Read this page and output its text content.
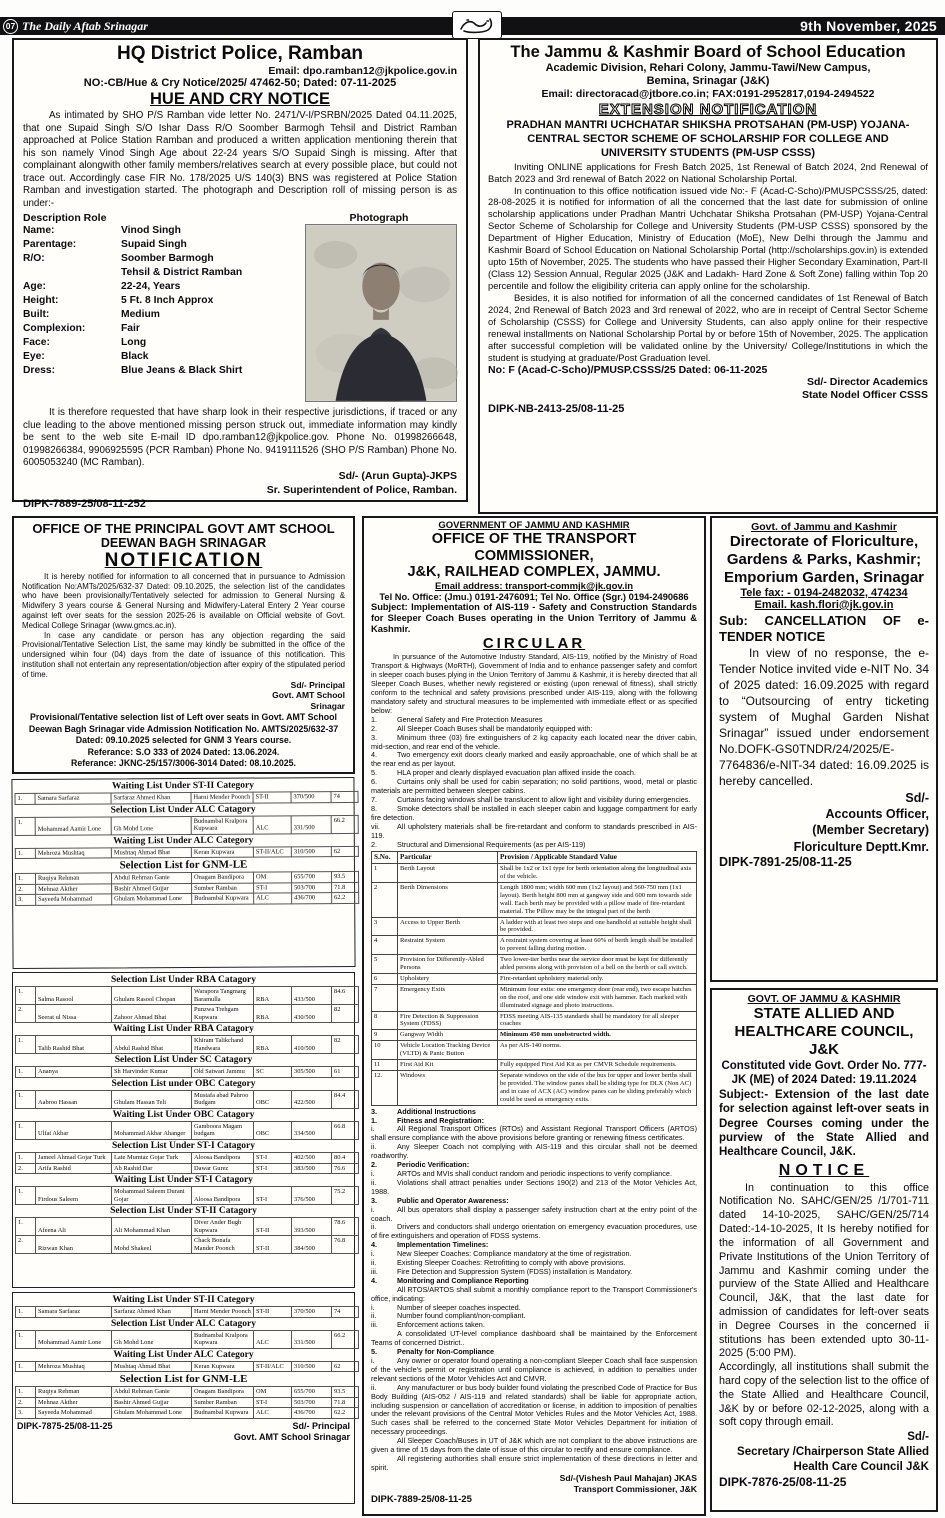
07 The Daily Aftab Srinagar	9th November, 2025
HQ District Police, Ramban
Email: dpo.ramban12@jkpolice.gov.in
NO:-CB/Hue & Cry Notice/2025/ 47462-50; Dated: 07-11-2025
HUE AND CRY NOTICE
As intimated by SHO P/S Ramban vide letter No. 2471/V-I/PSRBN/2025 Dated 04.11.2025, that one Supaid Singh S/O Ishar Dass R/O Soomber Barmogh Tehsil and District Ramban approached at Police Station Ramban and produced a written application mentioning therein that his son namely Vinod Singh Age about 22-24 years S/O Supaid Singh is missing. After that complainant alongwith other family members/relatives search at every possible place, but could not trace out. Accordingly case FIR No. 178/2025 U/S 140(3) BNS was registered at Police Station Ramban and investigation started. The photograph and Description roll of missing person is as under:-
Description Role
Name:	Vinod Singh
Parentage:	Supaid Singh
R/O:	Soomber Barmogh
Tehsil & District Ramban
Age:	22-24, Years
Height:	5 Ft. 8 Inch Approx
Built:	Medium
Complexion:	Fair
Face:	Long
Eye:	Black
Dress:	Blue Jeans & Black Shirt
Photograph
It is therefore requested that have sharp look in their respective jurisdictions, if traced or any clue leading to the above mentioned missing person struck out, immediate information may kindly be sent to the web site E-mail ID dpo.ramban12@jkpolice.gov. Phone No. 01998266648, 01998266384, 9906925595 (PCR Ramban) Phone No. 9419111526 (SHO P/S Ramban) Phone No. 6005053240 (MC Ramban).
Sd/- (Arun Gupta)-JKPS
Sr. Superintendent of Police, Ramban.
DIPK-7889-25/08-11-252
The Jammu & Kashmir Board of School Education
Academic Division, Rehari Colony, Jammu-Tawi/New Campus,
Bemina, Srinagar (J&K)
Email: directoracad@jtbore.co.in; FAX:0191-2952817,0194-2494522
EXTENSION NOTIFICATION
PRADHAN MANTRI UCHCHATAR SHIKSHA PROTSAHAN (PM-USP) YOJANA-
CENTRAL SECTOR SCHEME OF SCHOLARSHIP FOR COLLEGE AND
UNIVERSITY STUDENTS (PM-USP CSSS)
Inviting ONLINE applications for Fresh Batch 2025, 1st Renewal of Batch 2024, 2nd Renewal of Batch 2023 and 3rd renewal of Batch 2022 on National Scholarship Portal.
In continuation to this office notification issued vide No:- F (Acad-C-Scho)/PMUSPCSSS/25, dated: 28-08-2025 it is notified for information of all the concerned that the last date for submission of online scholarship applications under Pradhan Mantri Uchchatar Shiksha Protsahan (PM-USP) Yojana-Central Sector Scheme of Scholarship for College and University Students (PM-USP CSSS) sponsored by the Department of Higher Education, Ministry of Education (MoE), New Delhi through the Jammu and Kashmir Board of School Education on National Scholarship Portal (http://scholarships.gov.in) is extended upto 15th of November, 2025. The students who have passed their Higher Secondary Examination, Part-II (Class 12) Session Annual, Regular 2025 (J&K and Ladakh- Hard Zone & Soft Zone) falling within Top 20 percentile and follow the eligibility criteria can apply online for the scholarship.
Besides, it is also notified for information of all the concerned candidates of 1st Renewal of Batch 2024, 2nd Renewal of Batch 2023 and 3rd renewal of 2022, who are in receipt of Central Sector Scheme of Scholarship (CSSS) for College and University Students, can also apply online for their respective renewal installments on National Scholarship Portal by or before 15th of November, 2025. The application after successful completion will be validated online by the University/ College/Institutions in which the student is studying at graduate/Post Graduation level.
No: F (Acad-C-Scho)/PMUSP.CSSS/25 Dated: 06-11-2025
Sd/- Director Academics
State Nodel Officer CSSS
DIPK-NB-2413-25/08-11-25
OFFICE OF THE PRINCIPAL GOVT AMT SCHOOL
DEEWAN BAGH SRINAGAR
NOTIFICATION
It is hereby notified for information to all concerned that in pursuance to Admission Notification No:AMTs/2025/632-37 Dated: 09.10.2025, the selection list of the candidates who have been provisionally/Tentatively selected for admission to General Nursing & Midwifery 3 years course & General Nursing and Midwifery-Lateral Entery 2 Year course against left over seats for the session 2025-26 is available on Official website of Govt. Medical College Srinagar (www.gmcs.ac.in).
In case any candidate or person has any objection regarding the said Provisional/Tentative Selection List, the same may kindly be submitted in the office of the undersigned wihin four (04) days from the date of issuance of this notification. This institution shall not entertain any representation/objection after expiry of the stipulated period of time.
Sd/- Principal
Govt. AMT School
Srinagar
Provisional/Tentative selection list of Left over seats in Govt. AMT School Deewan Bagh Srinagar vide Admission Notification No. AMTS/2025/632-37 Dated: 09.10.2025 selected for GNM 3 Years course.
Referance: S.O 333 of 2024 Dated: 13.06.2024.
Referance: JKNC-25/157/3006-3014 Dated: 08.10.2025.
Waiting List Under ST-II Category
1.	Samara Sarfaraz	Sarfaraz Ahmed Khan	Harni Mender Poonch	ST-II	370/500	74
Selection List Under ALC Catagory
1.	Mohammad Aamir Lone	Gh Mohd Lone	Budnambal Kralpora Kupwara	ALC	331/500	66.2
Waiting List Under ALC Category
1.	Mehroza Mushtaq	Mushtaq Ahmad Bhat	Keran Kupwara	ST-II/ALC	310/500	62
Selection List for GNM-LE
1.	Ruqiya Rehman	Abdul Rehman Ganie	Onagam Bandipora	OM	655/700	93.5
2.	Mehnaz Akther	Bashir Ahmed Gujjar	Sumber Ramban	ST-I	503/700	71.8
3.	Sayeeda Mohammad	Ghulam Mohammad Lone	Budnambal Kupwara	ALC	436/700	62.2
Selection List Under RBA Catagory
1.	Salma Rasool	Ghulam Rasool Chopan	Warapora Tangmarg Baramulla	RBA	433/500	84.6
2.	Seerat ul Nissa	Zahoor Ahmad Bhat	Punzwa Trehgam Kupwara	RBA	430/500	82
Waiting List Under RBA Catagory
1.	Talib Rashid Bhat	Abdul Rashid Bhat	Khiram Talikchand Handwara	RBA	410/500	82
Selection List Under SC Catagory
1.	Ananya	Sh Harvinder Kumar	Old Satwari Jammu	SC	305/500	61
Selection List under OBC Category
1.	Aabroo Hassan	Ghulam Hassan Teli	Mustafa abad Pahroo Budgam	OBC	422/500	84.4
Waiting List Under OBC Catagory
1.	Ulfat Akbar	Mohammad Akbar Ahanger	Gamboora Magam budgam	OBC	334/500	66.8
Selection List Under ST-I Catagory
1.	Jameel Ahmad Gojar Turk	Late Mumtaz Gojar Turk	Aloosa Bandipora	ST-I	402/500	80.4
2.	Arifa Rashid	Ab Rashid Dar	Dawar Gurez	ST-I	383/500	76.6
Waiting List Under ST-I Catagory
1.	Firdous Saleem	Mohammad Saleem Durani Gojar	Aloosa Bandipora	ST-I	376/500	75.2
Selection List Under ST-II Catagory
1.	Afeena Ali	Ali Mohammad Khan	Diver Ander Bugh Kupwara	ST-II	393/500	78.6
2.	Rizwan Khan	Mohd Shakeel	Chack Bonafa Mander Poonch	ST-II	384/500	76.8
Waiting List Under ST-II Category
1.	Samara Sarfaraz	Sarfaraz Ahmed Khan	Harni Mender Poonch	ST-II	370/500	74
Selection List Under ALC Catagory
1.	Mohammad Aamir Lone	Gh Mohd Lone	Budnambal Kralpora Kupwara	ALC	331/500	66.2
Waiting List Under ALC Category
1.	Mehroza Mushtaq	Mushtaq Ahmad Bhat	Keran Kupwara	ST-II/ALC	310/500	62
Selection List for GNM-LE
1.	Ruqiya Rehman	Abdul Rehman Ganie	Onagam Bandipora	OM	655/700	93.5
2.	Mehnaz Akther	Bashir Ahmed Gujjar	Sumber Ramban	ST-I	503/700	71.8
3.	Sayeeda Mohammad	Ghulam Mohammad Lone	Budnambal Kupwara	ALC	436/700	62.2
DIPK-7875-25/08-11-25	Sd/- Principal
Govt. AMT School Srinagar
GOVERNMENT OF JAMMU AND KASHMIR
OFFICE OF THE TRANSPORT COMMISSIONER,
J&K, RAILHEAD COMPLEX, JAMMU.
Email address: transport-commjk@jk.gov.in
Tel No. Office: (Jmu.) 0191-2476091; Tel No. Office (Sgr.) 0194-2490686
Subject: Implementation of AIS-119 - Safety and Construction Standards for Sleeper Coach Buses operating in the Union Territory of Jammu & Kashmir.
CIRCULAR
In pursuance of the Automotive Industry Standard, AIS-119, notified by the Ministry of Road Transport & Highways (MoRTH), Government of India and to enhance passenger safety and comfort in sleeper coach buses plying in the Union Territory of Jammu & Kashmir, it is hereby directed that all Sleeper Coach Buses, whether newly registered or existing (upon renewal of fitness), shall strictly conform to the technical and safety provisions prescribed under AIS-119, along with the following mandatory safety and structural measures to be implemented with immediate effect or as specified below:
1.	General Safety and Fire Protection Measures
2.	All Sleeper Coach Buses shall be mandatorily equipped with:
3.	Minimum three (03) fire extinguishers of 2 kg capacity each located near the driver cabin, mid-section, and rear end of the vehicle.
4.	Two emergency exit doors clearly marked and easily approachable, one of which shall be at the rear end as per layout.
5.	HLA proper and clearly displayed evacuation plan affixed inside the coach.
6.	Curtains only shall be used for cabin separation; no solid partitions, wood, metal or plastic materials are permitted between sleeper cabins.
7.	Curtains facing windows shall be translucent to allow light and visibility during emergencies.
8.	Smoke detectors shall be installed in each sleeper cabin and luggage compartment for early fire detection.
vii. All upholstery materials shall be fire-retardant and conform to standards prescribed in AIS-119.
2.	Structural and Dimensional Requirements (as per AIS-119)
S.No.	Particular	Provision / Applicable Standard Value
1	Berth Layout	Shall be 1x2 or 1x1 type for berth orientation along the longitudinal axis of the vehicle.
2	Berth Dimensions	Length 1800 mm; width 600 mm (1x2 layout) and 560-750 mm (1x1 layout). Berth height 800 mm at gangway side and 600 mm towards side wall. Each berth may be provided with a pillow made of fire-retardant material. The Pillow may be the integral part of the berth
3	Access to Upper Berth	A ladder with at least two steps and one handhold at suitable height shall be provided.
4	Restraint System	A restraint system covering at least 60% of berth length shall be installed to prevent falling during motion.
5	Provision for Differently-Abled Persons	Two lower-tier berths near the service door must be kept for differently abled persons along with provision of a bell on the berth or call switch.
6	Upholstery	Fire-retardant upholstery material only.
7	Emergency Exits	Minimum four exits: one emergency door (rear end), two escape hatches on the roof, and one side window exit with hammer. Each marked with illuminated signage and photo instructions.
8	Fire Detection & Suppression System (FDSS)	FDSS meeting AIS-135 standards shall be mandatory for all sleeper coaches
9	Gangway Width	Minimum 450 mm unobstructed width.
10	Vehicle Location Tracking Device (VLTD) & Panic Button	As per AIS-140 norms.
11	First Aid Kit	Fully equipped First Aid Kit as per CMVR Schedule requirements.
12.	Windows	Separate windows on the side of the bus for upper and lower berths shall be provided. The window panes shall be sliding type for DLX (Non AC) and in case of ACX (AC) window panes can be sliding preferably which could be used as emergency exits.
3.	Additional Instructions
1.	Fitness and Registration:
i.	All Regional Transport Offices (RTOs) and Assistant Regional Transport Officers (ARTOS) shall ensure compliance with the above provisions before granting or renewing fitness certificates.
ii.	Any Sleeper Coach not complying with AIS-119 and this circular shall not be deemed roadworthy.
2.	Periodic Verification:
i.	ARTOs and MVIs shall conduct random and periodic inspections to verify compliance.
ii.	Violations shall attract penalties under Sections 190(2) and 213 of the Motor Vehicles Act, 1988.
3.	Public and Operator Awareness:
i.	All bus operators shall display a passenger safety instruction chart at the entry point of the coach.
ii.	Drivers and conductors shall undergo orientation on emergency evacuation procedures, use of fire extinguishers and operation of FDSS systems.
4.	Implementation Timelines:
i.	New Sleeper Coaches: Compliance mandatory at the time of registration.
ii.	Existing Sleeper Coaches: Retrofitting to comply with above provisions.
iii.	Fire Detection and Suppression System (FDSS) installation is Mandatory.
4.	Monitoring and Compliance Reporting
All RTOS/ARTOS shall submit a monthly compliance report to the Transport Commissioner's office, indicating:
i.	Number of sleeper coaches inspected.
ii.	Number found compliant/non-compliant.
iii.	Enforcement actions taken.
A consolidated UT-level compliance dashboard shall be maintained by the Enforcement Teams of concerned District..
5.	Penalty for Non-Compliance
i.	Any owner or operator found operating a non-compliant Sleeper Coach shall face suspension of the vehicle's permit or registration until compliance is achieved, in addition to penalties under relevant sections of the Motor Vehicles Act and CMVR.
ii.	Any manufacturer or bus body builder found violating the prescribed Code of Practice for Bus Body Building (AIS-052 / AIS-119 and related standards) shall be liable for appropriate action, including suspension or cancellation of accreditation or license, in addition to imposition of penalties under the relevant provisions of the Central Motor Vehicles Rules and the Motor Vehicles Act, 1988. Such cases shall be referred to the concerned State Motor Vehicles Department for initiation of necessary proceedings.
All Sleeper Coach/Buses in UT of J&K which are not compliant to the above instructions are given a time of 15 days from the date of issue of this circular to rectify and ensure compliance.
All registering authorities shall ensure strict implementation of these directions in letter and spirit.
Sd/-(Vishesh Paul Mahajan) JKAS
Transport Commissioner, J&K
DIPK-7889-25/08-11-25
Govt. of Jammu and Kashmir
Directorate of Floriculture,
Gardens & Parks, Kashmir;
Emporium Garden, Srinagar
Tele fax: - 0194-2482032, 474234
Email. kash.flori@jk.gov.in
Sub: CANCELLATION OF e-TENDER NOTICE
In view of no response, the e-Tender Notice invited vide e-NIT No. 34 of 2025 dated: 16.09.2025 with regard to “Outsourcing of entry ticketing system of Mughal Garden Nishat Srinagar” issued under endorsement No.DOFK-GS0TNDR/24/2025/E-7764836/e-NIT-34 dated: 16.09.2025 is hereby cancelled.
Sd/-
Accounts Officer,
(Member Secretary)
Floriculture Deptt.Kmr.
DIPK-7891-25/08-11-25
GOVT. OF JAMMU & KASHMIR
STATE ALLIED AND
HEALTHCARE COUNCIL, J&K
Constituted vide Govt. Order No. 777-JK (ME) of 2024 Dated: 19.11.2024
Subject:- Extension of the last date for selection against left-over seats in Degree Courses coming under the purview of the State Allied and Healthcare Council, J&K.
NOTICE
In continuation to this office Notification No. SAHC/GEN/25 /1/701-711 dated 14-10-2025, SAHC/GEN/25/714 Dated:-14-10-2025, It Is hereby notified for the information of all Government and Private Institutions of the Union Territory of Jammu and Kashmir coming under the purview of the State Allied and Healthcare Council, J&K, that the last date for admission of candidates for left-over seats in Degree Courses in the concerned ii stitutions has been extended upto 30-11-2025 (5:00 PM).
Accordingly, all institutions shall submit the hard copy of the selection list to the office of the State Allied and Healthcare Council, J&K by or before 02-12-2025, along with a soft copy through email.
Sd/-
Secretary /Chairperson State Allied
Health Care Council J&K
DIPK-7876-25/08-11-25
